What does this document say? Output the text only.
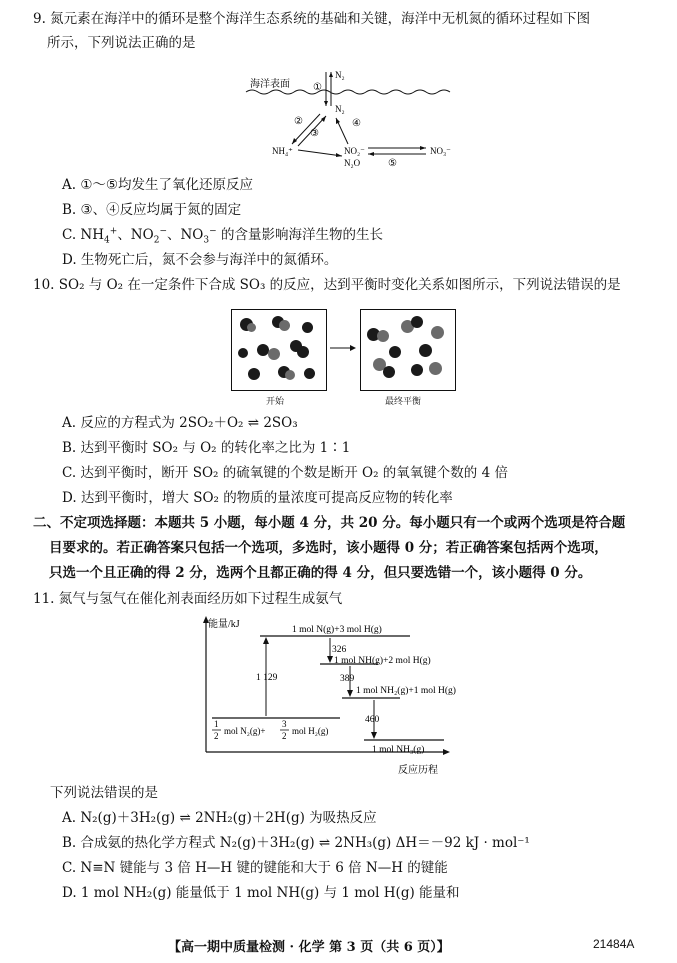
9. 氮元素在海洋中的循环是整个海洋生态系统的基础和关键，海洋中无机氮的循环过程如下图
所示，下列说法正确的是
海洋表面
N₂
N₂
①
NH₄⁺	NO₂⁻
N₂O
NO₃⁻
②
③
④
⑤
A. ①～⑤均发生了氧化还原反应
B. ③、④反应均属于氮的固定
C. $NH_4^+$、$NO_2^-$、$NO_3^-$ 的含量影响海洋生物的生长
D. 生物死亡后，氮不会参与海洋中的氮循环。
10. SO₂ 与 O₂ 在一定条件下合成 SO₃ 的反应，达到平衡时变化关系如图所示，下列说法错误的是
开始	最终平衡
A. 反应的方程式为 2SO₂＋O₂ ⇌ 2SO₃
B. 达到平衡时 SO₂ 与 O₂ 的转化率之比为 1∶1
C. 达到平衡时，断开 SO₂ 的硫氧键的个数是断开 O₂ 的氧氧键个数的 4 倍
D. 达到平衡时，增大 SO₂ 的物质的量浓度可提高反应物的转化率
二、不定项选择题：本题共 5 小题，每小题 4 分，共 20 分。每小题只有一个或两个选项是符合题
目要求的。若正确答案只包括一个选项，多选时，该小题得 0 分；若正确答案包括两个选项，
只选一个且正确的得 2 分，选两个且都正确的得 4 分，但只要选错一个，该小题得 0 分。
11. 氮气与氢气在催化剂表面经历如下过程生成氨气
能量/kJ
反应历程
1 mol N(g)+3 mol H(g)
1 129
326
1 mol NH(g)+2 mol H(g)
389
1 mol NH₂(g)+1 mol H(g)
460
1 mol NH₃(g)
1
2 mol N₂(g)+
3
2 mol H₂(g)
下列说法错误的是
A. N₂(g)＋3H₂(g) ⇌ 2NH₂(g)＋2H(g) 为吸热反应
B. 合成氨的热化学方程式 N₂(g)＋3H₂(g) ⇌ 2NH₃(g) ΔH＝－92 kJ · mol⁻¹
C. N≡N 键能与 3 倍 H—H 键的键能和大于 6 倍 N—H 的键能
D. 1 mol NH₂(g) 能量低于 1 mol NH(g) 与 1 mol H(g) 能量和
【高一期中质量检测 · 化学 第 3 页（共 6 页）】	21484A
